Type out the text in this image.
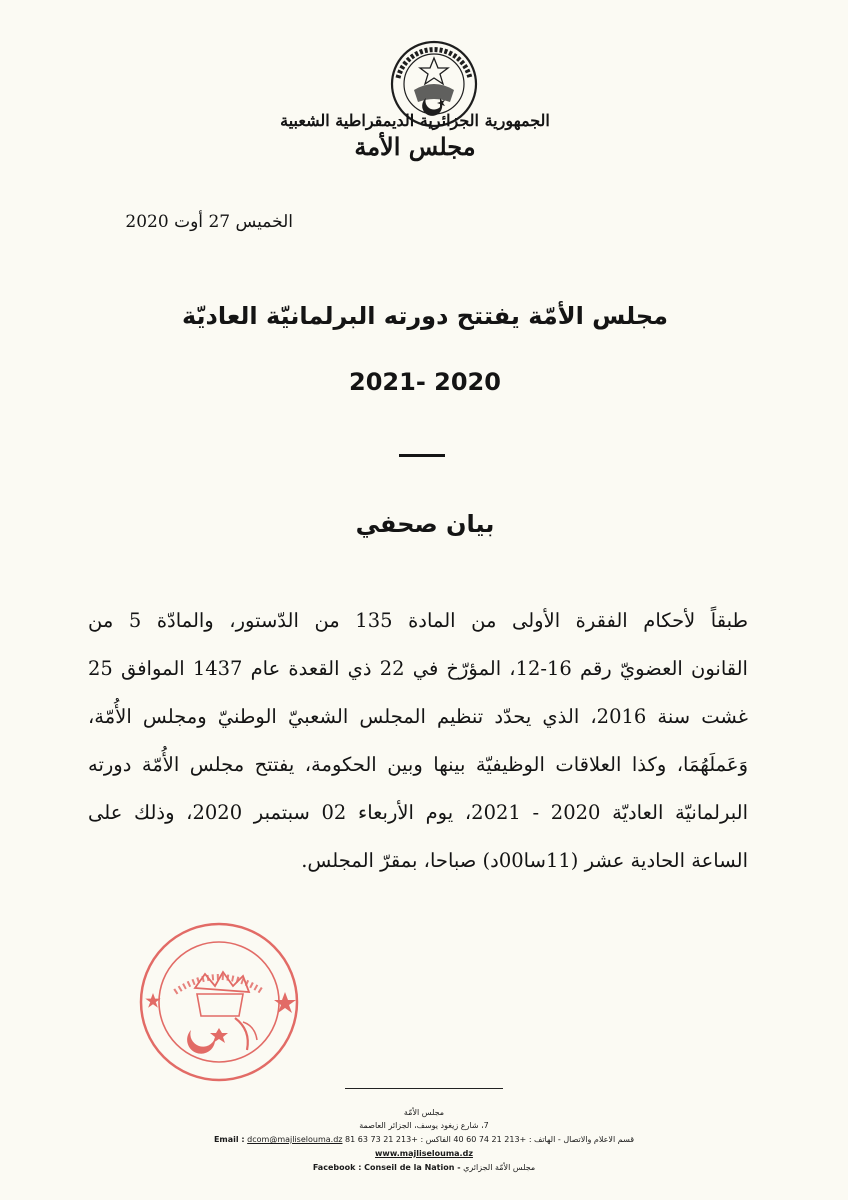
الجمهورية الجزائرية الديمقراطية الشعبية
مجلس الأمة
الخميس 27 أوت 2020
مجلس الأمّة يفتتح دورته البرلمانيّة العاديّة
2020 -2021
بيان صحفي
طبقاً لأحكام الفقرة الأولى من المادة 135 من الدّستور، والمادّة 5 من
القانون العضويّ رقم 16-12، المؤرّخ في 22 ذي القعدة عام 1437 الموافق 25
غشت سنة 2016، الذي يحدّد تنظيم المجلس الشعبيّ الوطنيّ ومجلس الأُمّة،
وَعَملَهُمَا، وكذا العلاقات الوظيفيّة بينها وبين الحكومة، يفتتح مجلس الأُمّة دورته
البرلمانيّة العاديّة 2020 - 2021، يوم الأربعاء 02 سبتمبر 2020، وذلك على
الساعة الحادية عشر (11سا00د) صباحا، بمقرّ المجلس.
مجلس الأمّة
7، شارع زيغود يوسف، الجزائر العاصمة
Email : dcom@majliselouma.dz 81 63 73 21 213+ الفاكس : 40 60 74 21 213+ قسم الاعلام والاتصال - الهاتف :
www.majliselouma.dz
Facebook : Conseil de la Nation - مجلس الأمّة الجزائري
